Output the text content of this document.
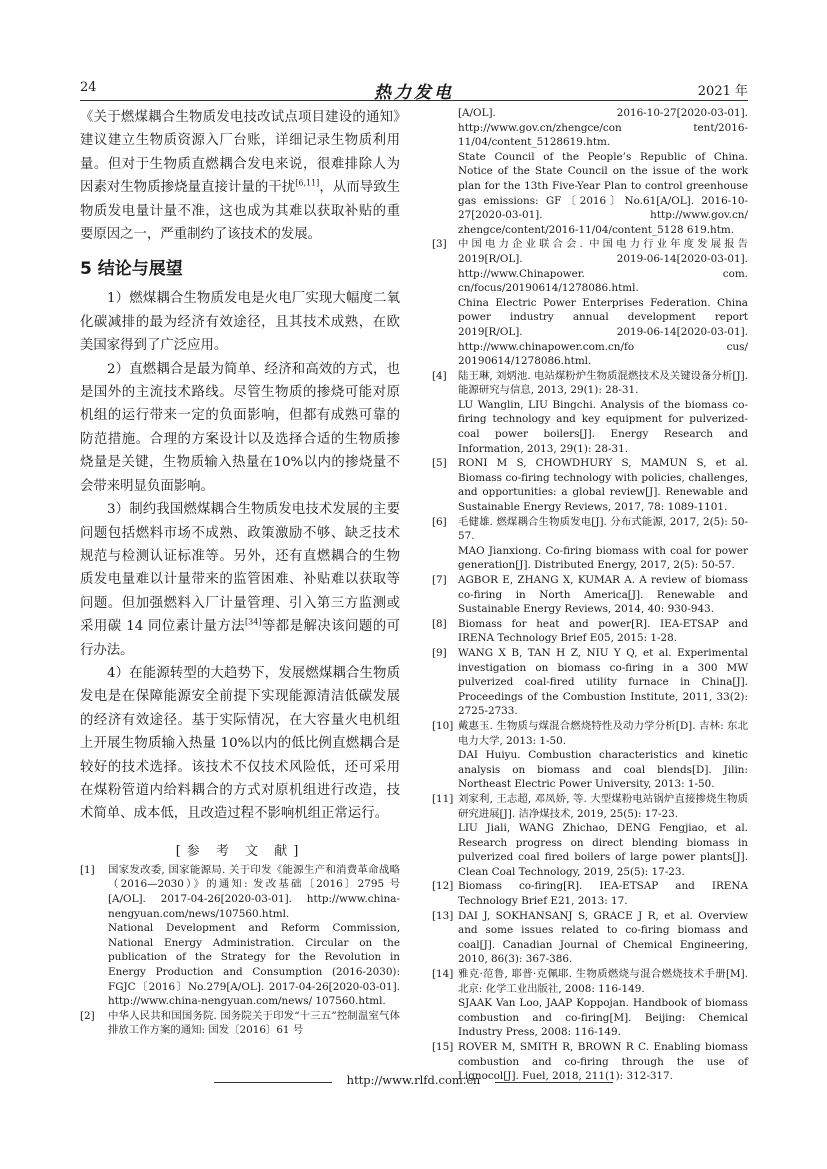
24	热力发电	2021 年

《关于燃煤耦合生物质发电技改试点项目建设的通知》建议建立生物质资源入厂台账，详细记录生物质利用量。但对于生物质直燃耦合发电来说，很难排除人为因素对生物质掺烧量直接计量的干扰[6,11]，从而导致生物质发电量计量不准，这也成为其难以获取补贴的重要原因之一，严重制约了该技术的发展。

5 结论与展望

1）燃煤耦合生物质发电是火电厂实现大幅度二氧化碳减排的最为经济有效途径，且其技术成熟，在欧美国家得到了广泛应用。

2）直燃耦合是最为简单、经济和高效的方式，也是国外的主流技术路线。尽管生物质的掺烧可能对原机组的运行带来一定的负面影响，但都有成熟可靠的防范措施。合理的方案设计以及选择合适的生物质掺烧量是关键，生物质输入热量在10%以内的掺烧量不会带来明显负面影响。

3）制约我国燃煤耦合生物质发电技术发展的主要问题包括燃料市场不成熟、政策激励不够、缺乏技术规范与检测认证标准等。另外，还有直燃耦合的生物质发电量难以计量带来的监管困难、补贴难以获取等问题。但加强燃料入厂计量管理、引入第三方监测或采用碳 14 同位素计量方法[34]等都是解决该问题的可行办法。

4）在能源转型的大趋势下，发展燃煤耦合生物质发电是在保障能源安全前提下实现能源清洁低碳发展的经济有效途径。基于实际情况，在大容量火电机组上开展生物质输入热量 10%以内的低比例直燃耦合是较好的技术选择。该技术不仅技术风险低，还可采用在煤粉管道内给料耦合的方式对原机组进行改造，技术简单、成本低，且改造过程不影响机组正常运行。

[参 考 文 献]
[1] 国家发改委, 国家能源局. 关于印发《能源生产和消费革命战略（2016—2030）》的通知: 发改基础〔2016〕2795 号 [A/OL]. 2017-04-26[2020-03-01]. http://www.china-nengyuan.com/news/107560.html.
National Development and Reform Commission, National Energy Administration. Circular on the publication of the Strategy for the Revolution in Energy Production and Consumption (2016-2030): FGJC〔2016〕No.279[A/OL]. 2017-04-26[2020-03-01]. http://www.china-nengyuan.com/news/ 107560.html.
[2] 中华人民共和国国务院. 国务院关于印发“十三五”控制温室气体排放工作方案的通知: 国发〔2016〕61 号
[A/OL]. 2016-10-27[2020-03-01]. http://www.gov.cn/zhengce/con tent/2016-11/04/content_5128619.htm.
State Council of the People’s Republic of China. Notice of the State Council on the issue of the work plan for the 13th Five-Year Plan to control greenhouse gas emissions: GF〔2016〕No.61[A/OL]. 2016-10-27[2020-03-01]. http://www.gov.cn/ zhengce/content/2016-11/04/content_5128 619.htm.
[3] 中国电力企业联合会. 中国电力行业年度发展报告 2019[R/OL]. 2019-06-14[2020-03-01]. http://www.Chinapower. com. cn/focus/20190614/1278086.html.
China Electric Power Enterprises Federation. China power industry annual development report 2019[R/OL]. 2019-06-14[2020-03-01]. http://www.chinapower.com.cn/fo cus/ 20190614/1278086.html.
[4] 陆王琳, 刘炳池. 电站煤粉炉生物质混燃技术及关键设备分析[J]. 能源研究与信息, 2013, 29(1): 28-31.
LU Wanglin, LIU Bingchi. Analysis of the biomass co-firing technology and key equipment for pulverized-coal power boilers[J]. Energy Research and Information, 2013, 29(1): 28-31.
[5] RONI M S, CHOWDHURY S, MAMUN S, et al. Biomass co-firing technology with policies, challenges, and opportunities: a global review[J]. Renewable and Sustainable Energy Reviews, 2017, 78: 1089-1101.
[6] 毛健雄. 燃煤耦合生物质发电[J]. 分布式能源, 2017, 2(5): 50-57.
MAO Jianxiong. Co-firing biomass with coal for power generation[J]. Distributed Energy, 2017, 2(5): 50-57.
[7] AGBOR E, ZHANG X, KUMAR A. A review of biomass co-firing in North America[J]. Renewable and Sustainable Energy Reviews, 2014, 40: 930-943.
[8] Biomass for heat and power[R]. IEA-ETSAP and IRENA Technology Brief E05, 2015: 1-28.
[9] WANG X B, TAN H Z, NIU Y Q, et al. Experimental investigation on biomass co-firing in a 300 MW pulverized coal-fired utility furnace in China[J]. Proceedings of the Combustion Institute, 2011, 33(2): 2725-2733.
[10] 戴惠玉. 生物质与煤混合燃烧特性及动力学分析[D]. 吉林: 东北电力大学, 2013: 1-50.
DAI Huiyu. Combustion characteristics and kinetic analysis on biomass and coal blends[D]. Jilin: Northeast Electric Power University, 2013: 1-50.
[11] 刘家利, 王志超, 邓凤娇, 等. 大型煤粉电站锅炉直接掺烧生物质研究进展[J]. 洁净煤技术, 2019, 25(5): 17-23.
LIU Jiali, WANG Zhichao, DENG Fengjiao, et al. Research progress on direct blending biomass in pulverized coal fired boilers of large power plants[J]. Clean Coal Technology, 2019, 25(5): 17-23.
[12] Biomass co-firing[R]. IEA-ETSAP and IRENA Technology Brief E21, 2013: 17.
[13] DAI J, SOKHANSANJ S, GRACE J R, et al. Overview and some issues related to co-firing biomass and coal[J]. Canadian Journal of Chemical Engineering, 2010, 86(3): 367-386.
[14] 雅克·范鲁, 耶普·克佩耶. 生物质燃烧与混合燃烧技术手册[M]. 北京: 化学工业出版社, 2008: 116-149.
SJAAK Van Loo, JAAP Koppojan. Handbook of biomass combustion and co-firing[M]. Beijing: Chemical Industry Press, 2008: 116-149.
[15] ROVER M, SMITH R, BROWN R C. Enabling biomass combustion and co-firing through the use of Lignocol[J]. Fuel, 2018, 211(1): 312-317.
http://www.rlfd.com.cn
